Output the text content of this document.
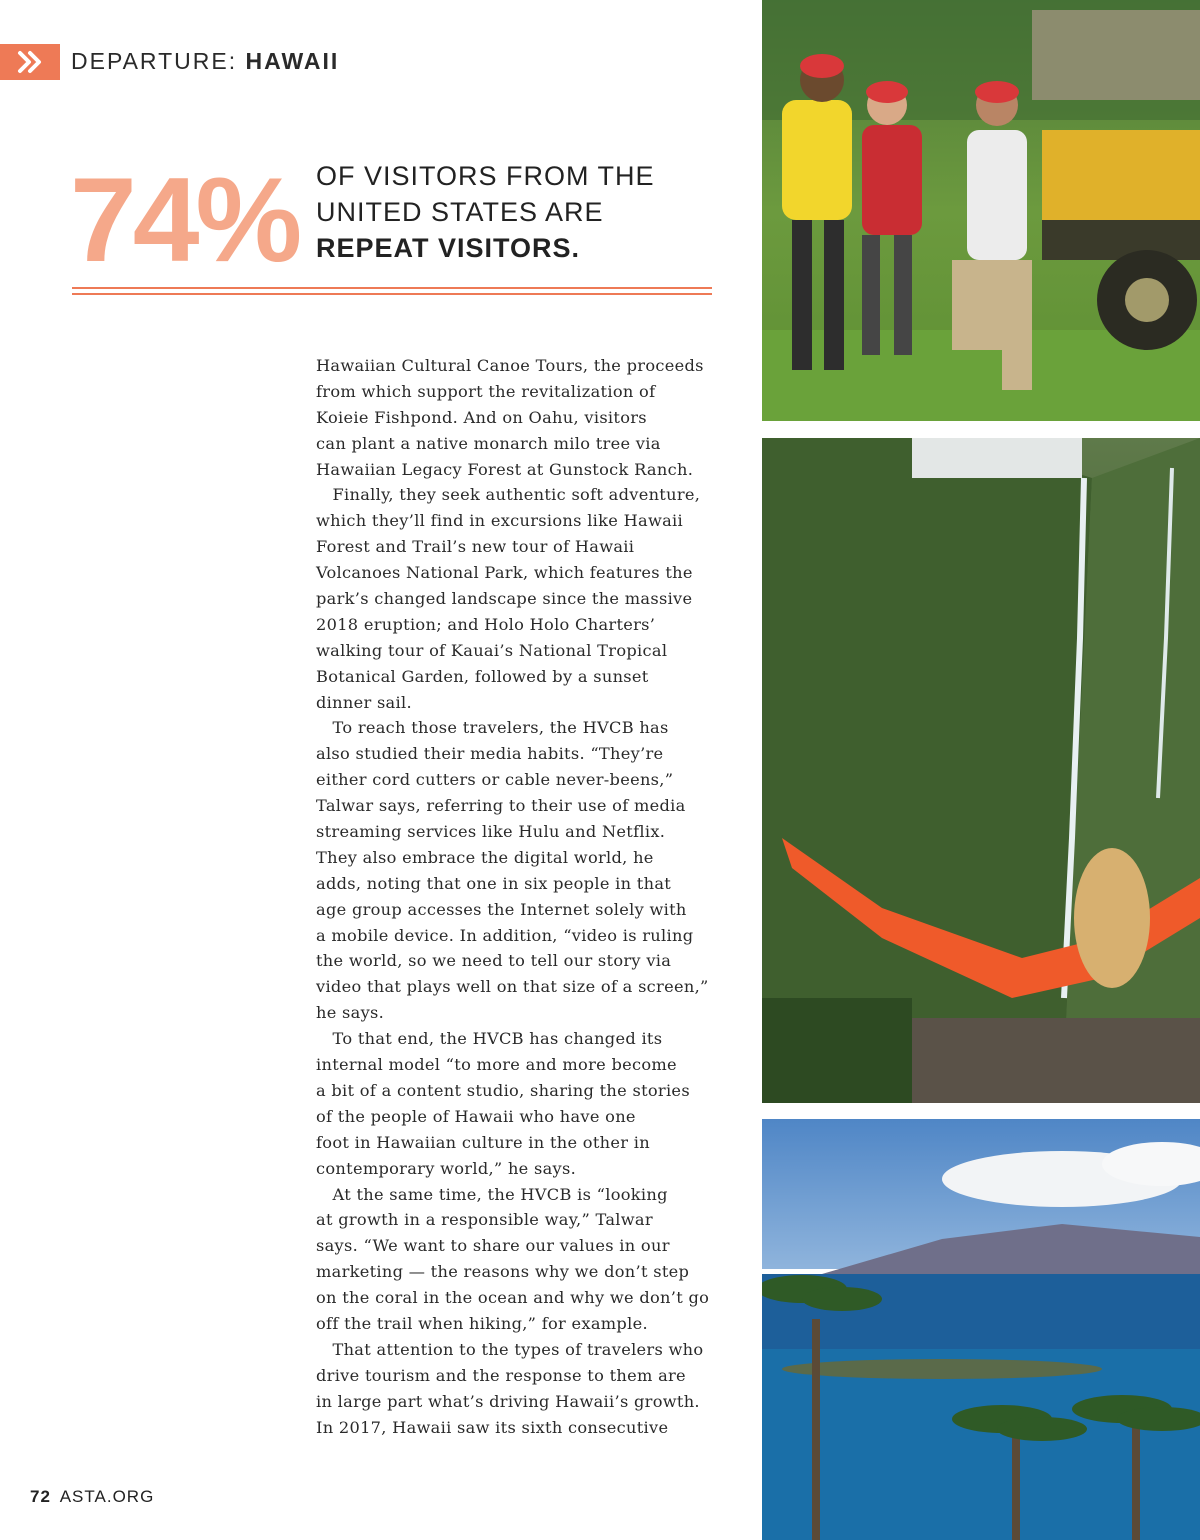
DEPARTURE: HAWAII
74% OF VISITORS FROM THE
UNITED STATES ARE
REPEAT VISITORS.
Hawaiian Cultural Canoe Tours, the proceeds
from which support the revitalization of
Koieie Fishpond. And on Oahu, visitors
can plant a native monarch milo tree via
Hawaiian Legacy Forest at Gunstock Ranch.
 Finally, they seek authentic soft adventure,
which they’ll find in excursions like Hawaii
Forest and Trail’s new tour of Hawaii
Volcanoes National Park, which features the
park’s changed landscape since the massive
2018 eruption; and Holo Holo Charters’
walking tour of Kauai’s National Tropical
Botanical Garden, followed by a sunset
dinner sail.
 To reach those travelers, the HVCB has
also studied their media habits. “They’re
either cord cutters or cable never-beens,”
Talwar says, referring to their use of media
streaming services like Hulu and Netflix.
They also embrace the digital world, he
adds, noting that one in six people in that
age group accesses the Internet solely with
a mobile device. In addition, “video is ruling
the world, so we need to tell our story via
video that plays well on that size of a screen,”
he says.
 To that end, the HVCB has changed its
internal model “to more and more become
a bit of a content studio, sharing the stories
of the people of Hawaii who have one
foot in Hawaiian culture in the other in
contemporary world,” he says.
 At the same time, the HVCB is “looking
at growth in a responsible way,” Talwar
says. “We want to share our values in our
marketing — the reasons why we don’t step
on the coral in the ocean and why we don’t go
off the trail when hiking,” for example.
 That attention to the types of travelers who
drive tourism and the response to them are
in large part what’s driving Hawaii’s growth.
In 2017, Hawaii saw its sixth consecutive
72 ASTA.ORG
